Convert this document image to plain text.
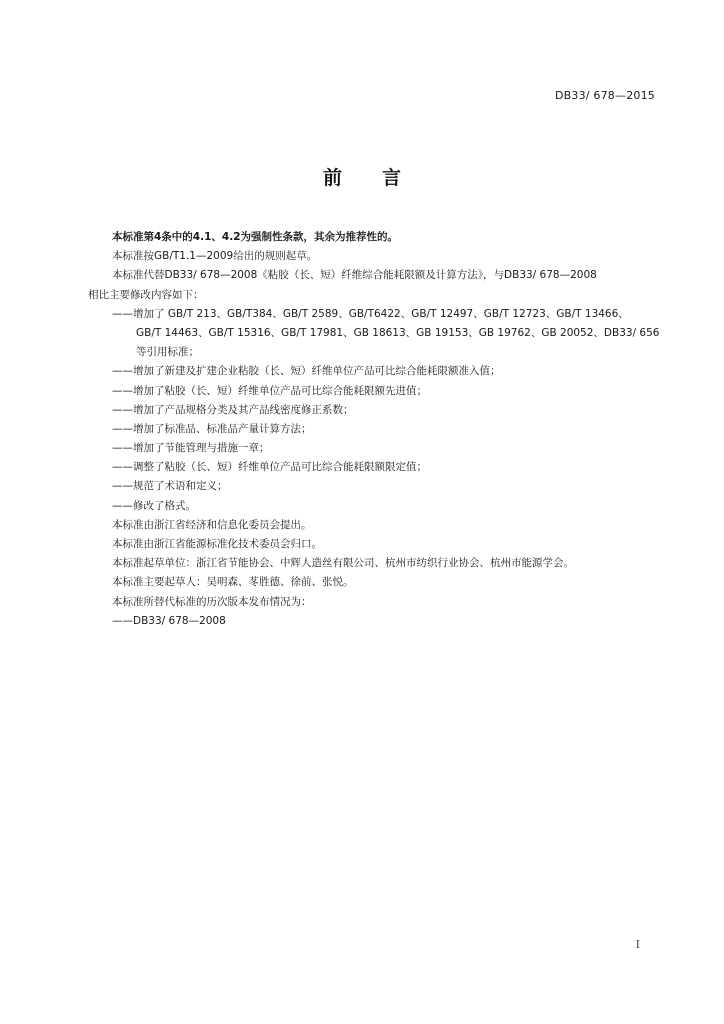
DB33/ 678—2015
前 言
本标准第4条中的4.1、4.2为强制性条款，其余为推荐性的。
本标准按GB/T1.1—2009给出的规则起草。
本标准代替DB33/ 678—2008《粘胶（长、短）纤维综合能耗限额及计算方法》，与DB33/ 678—2008
相比主要修改内容如下：
——增加了 GB/T 213、GB/T384、GB/T 2589、GB/T6422、GB/T 12497、GB/T 12723、GB/T 13466、
GB/T 14463、GB/T 15316、GB/T 17981、GB 18613、GB 19153、GB 19762、GB 20052、DB33/ 656
等引用标准；
——增加了新建及扩建企业粘胶（长、短）纤维单位产品可比综合能耗限额准入值；
——增加了粘胶（长、短）纤维单位产品可比综合能耗限额先进值；
——增加了产品规格分类及其产品线密度修正系数；
——增加了标准品、标准品产量计算方法；
——增加了节能管理与措施一章；
——调整了粘胶（长、短）纤维单位产品可比综合能耗限额限定值；
——规范了术语和定义；
——修改了格式。
本标准由浙江省经济和信息化委员会提出。
本标准由浙江省能源标准化技术委员会归口。
本标准起草单位：浙江省节能协会、中辉人造丝有限公司、杭州市纺织行业协会、杭州市能源学会。
本标准主要起草人：吴明森、苳胜德、徐前、张悦。
本标准所替代标准的历次版本发布情况为：
——DB33/ 678—2008
I
